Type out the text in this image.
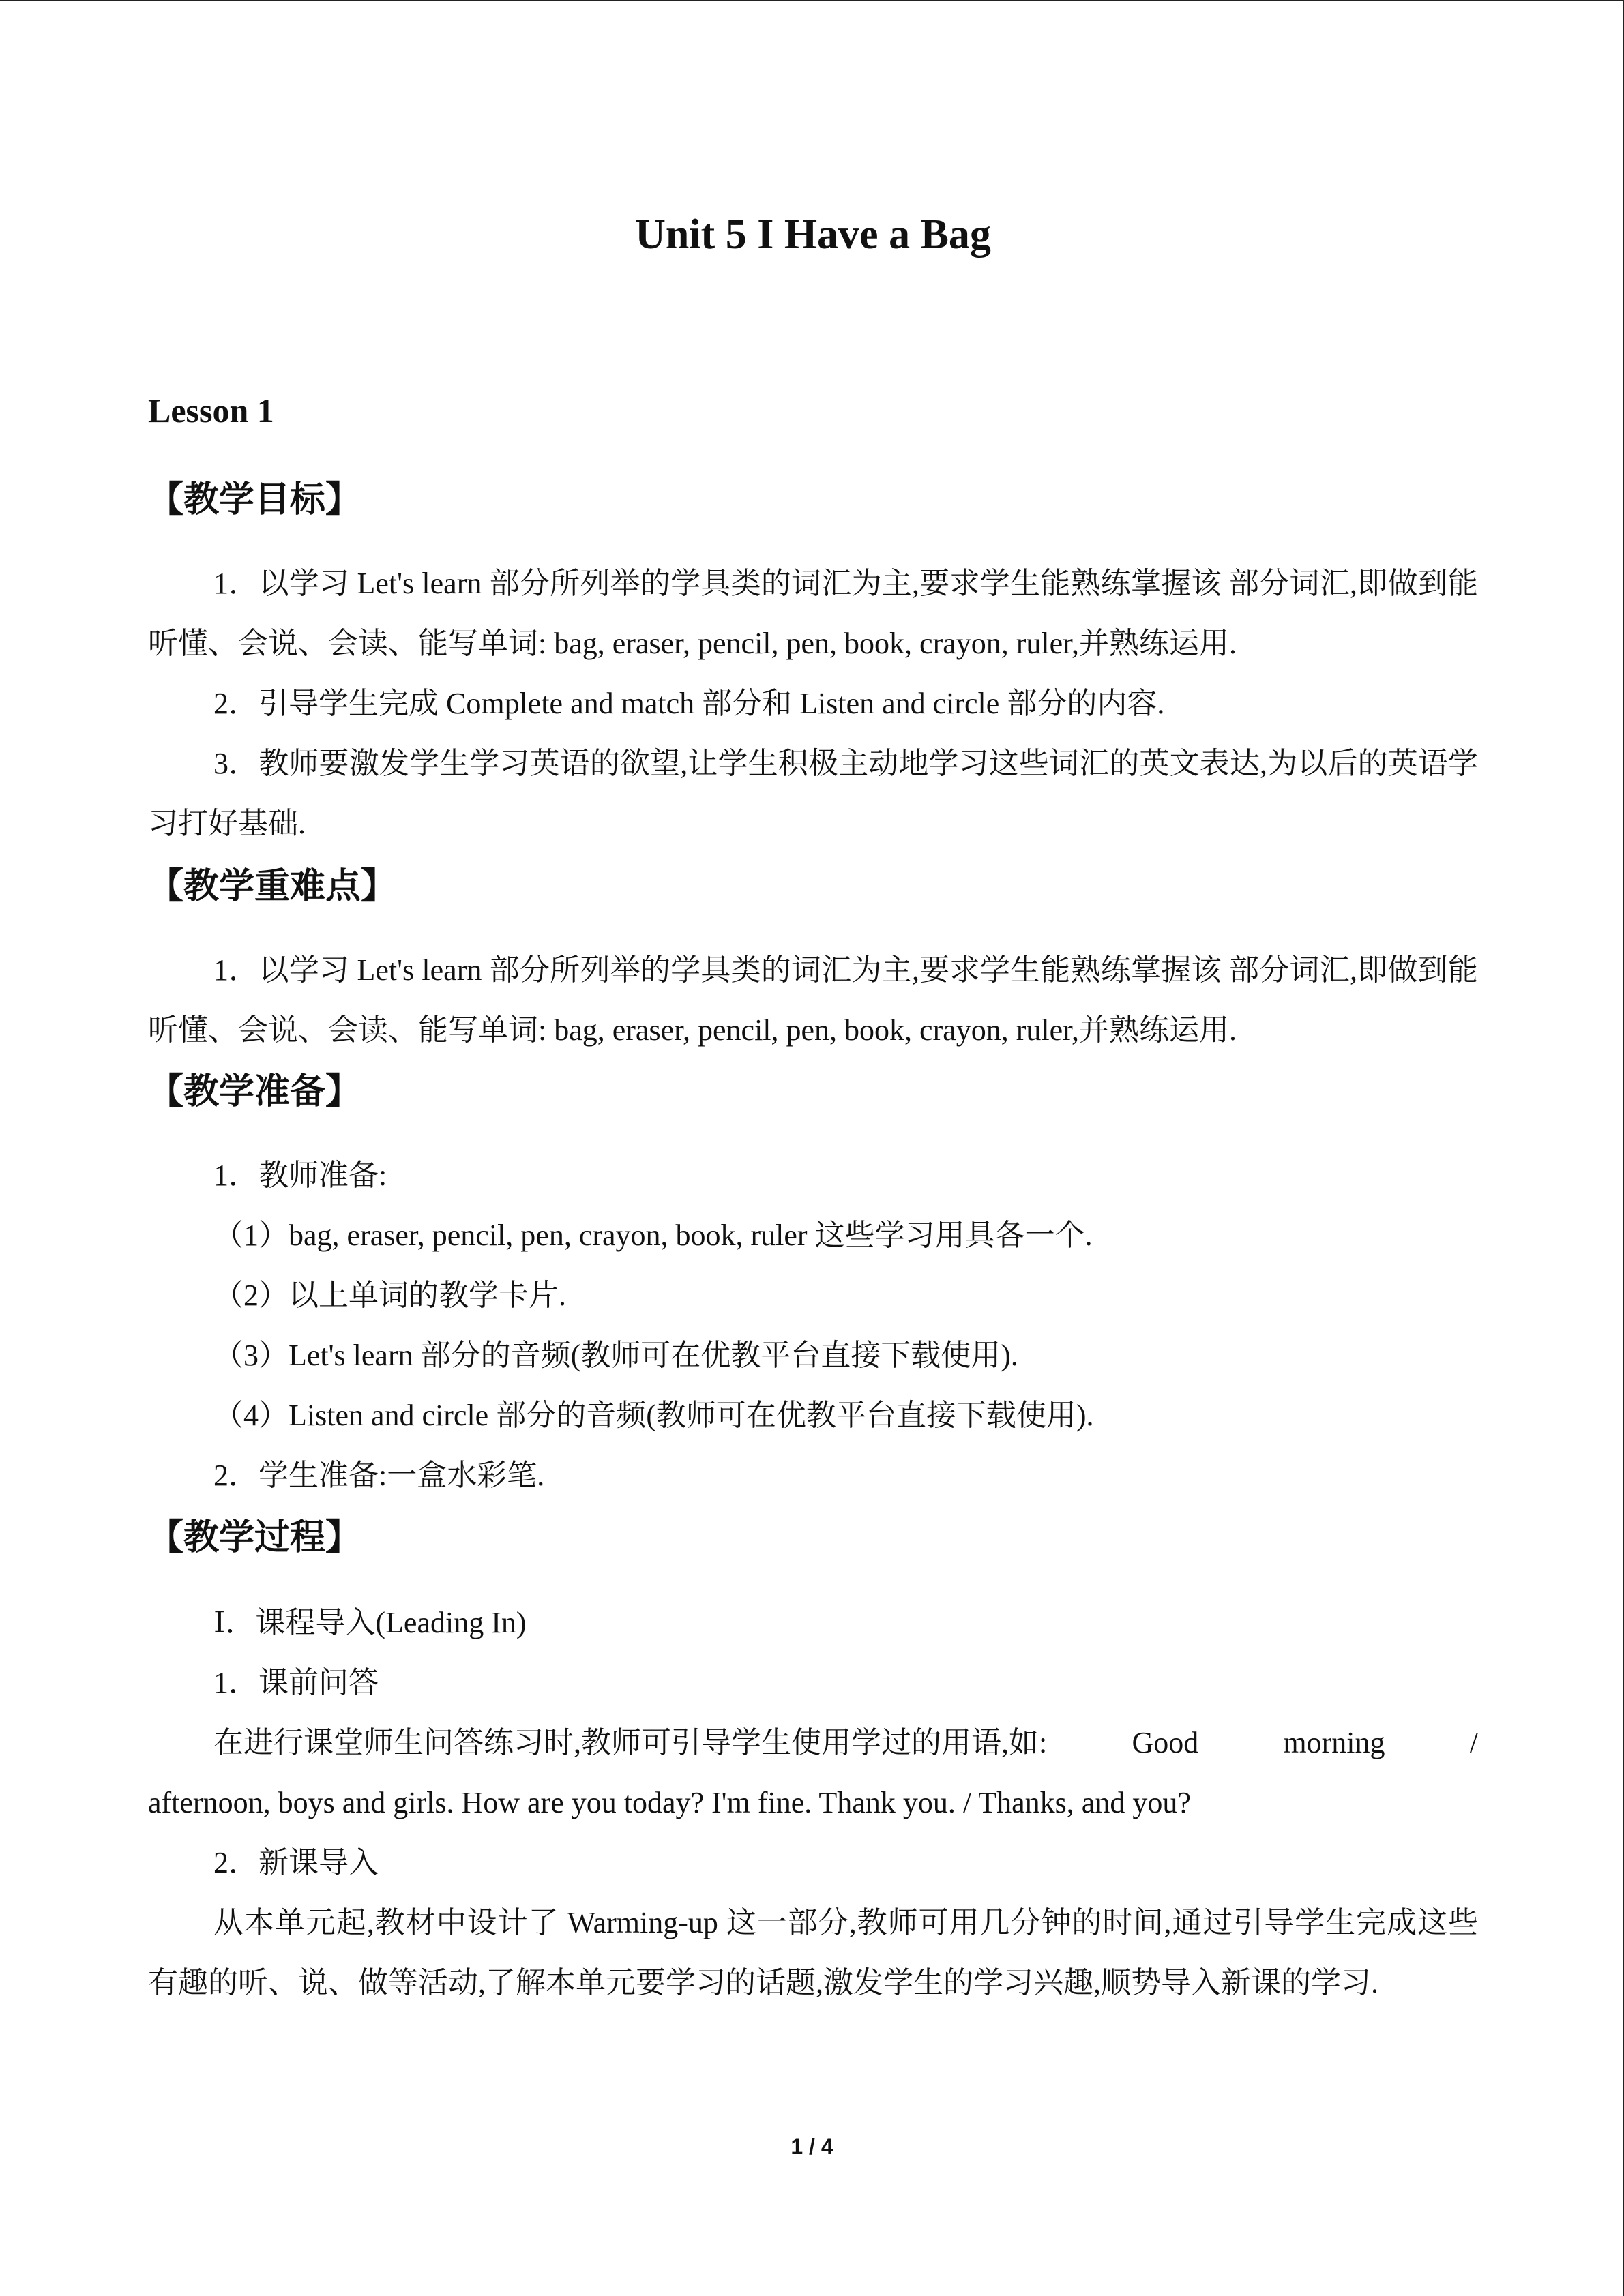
Unit 5 I Have a Bag
Lesson 1
【教学目标】
1．以学习 Let's learn 部分所列举的学具类的词汇为主,要求学生能熟练掌握该 部分词汇,即做到能听懂、会说、会读、能写单词: bag, eraser, pencil, pen, book, crayon, ruler,并熟练运用.
2．引导学生完成 Complete and match 部分和 Listen and circle 部分的内容.
3．教师要激发学生学习英语的欲望,让学生积极主动地学习这些词汇的英文表达,为以后的英语学习打好基础.
【教学重难点】
1．以学习 Let's learn 部分所列举的学具类的词汇为主,要求学生能熟练掌握该 部分词汇,即做到能听懂、会说、会读、能写单词: bag, eraser, pencil, pen, book, crayon, ruler,并熟练运用.
【教学准备】
1．教师准备:
（1）bag, eraser, pencil, pen, crayon, book, ruler 这些学习用具各一个.
（2）以上单词的教学卡片.
（3）Let's learn 部分的音频(教师可在优教平台直接下载使用).
（4）Listen and circle 部分的音频(教师可在优教平台直接下载使用).
2．学生准备:一盒水彩笔.
【教学过程】
Ⅰ．课程导入(Leading In)
1．课前问答
在进行课堂师生问答练习时,教师可引导学生使用学过的用语,如:	Good	morning	/
afternoon, boys and girls. How are you today? I'm fine. Thank you. / Thanks, and you?
2．新课导入
从本单元起,教材中设计了 Warming-up 这一部分,教师可用几分钟的时间,通过引导学生完成这些有趣的听、说、做等活动,了解本单元要学习的话题,激发学生的学习兴趣,顺势导入新课的学习.
1 / 4
